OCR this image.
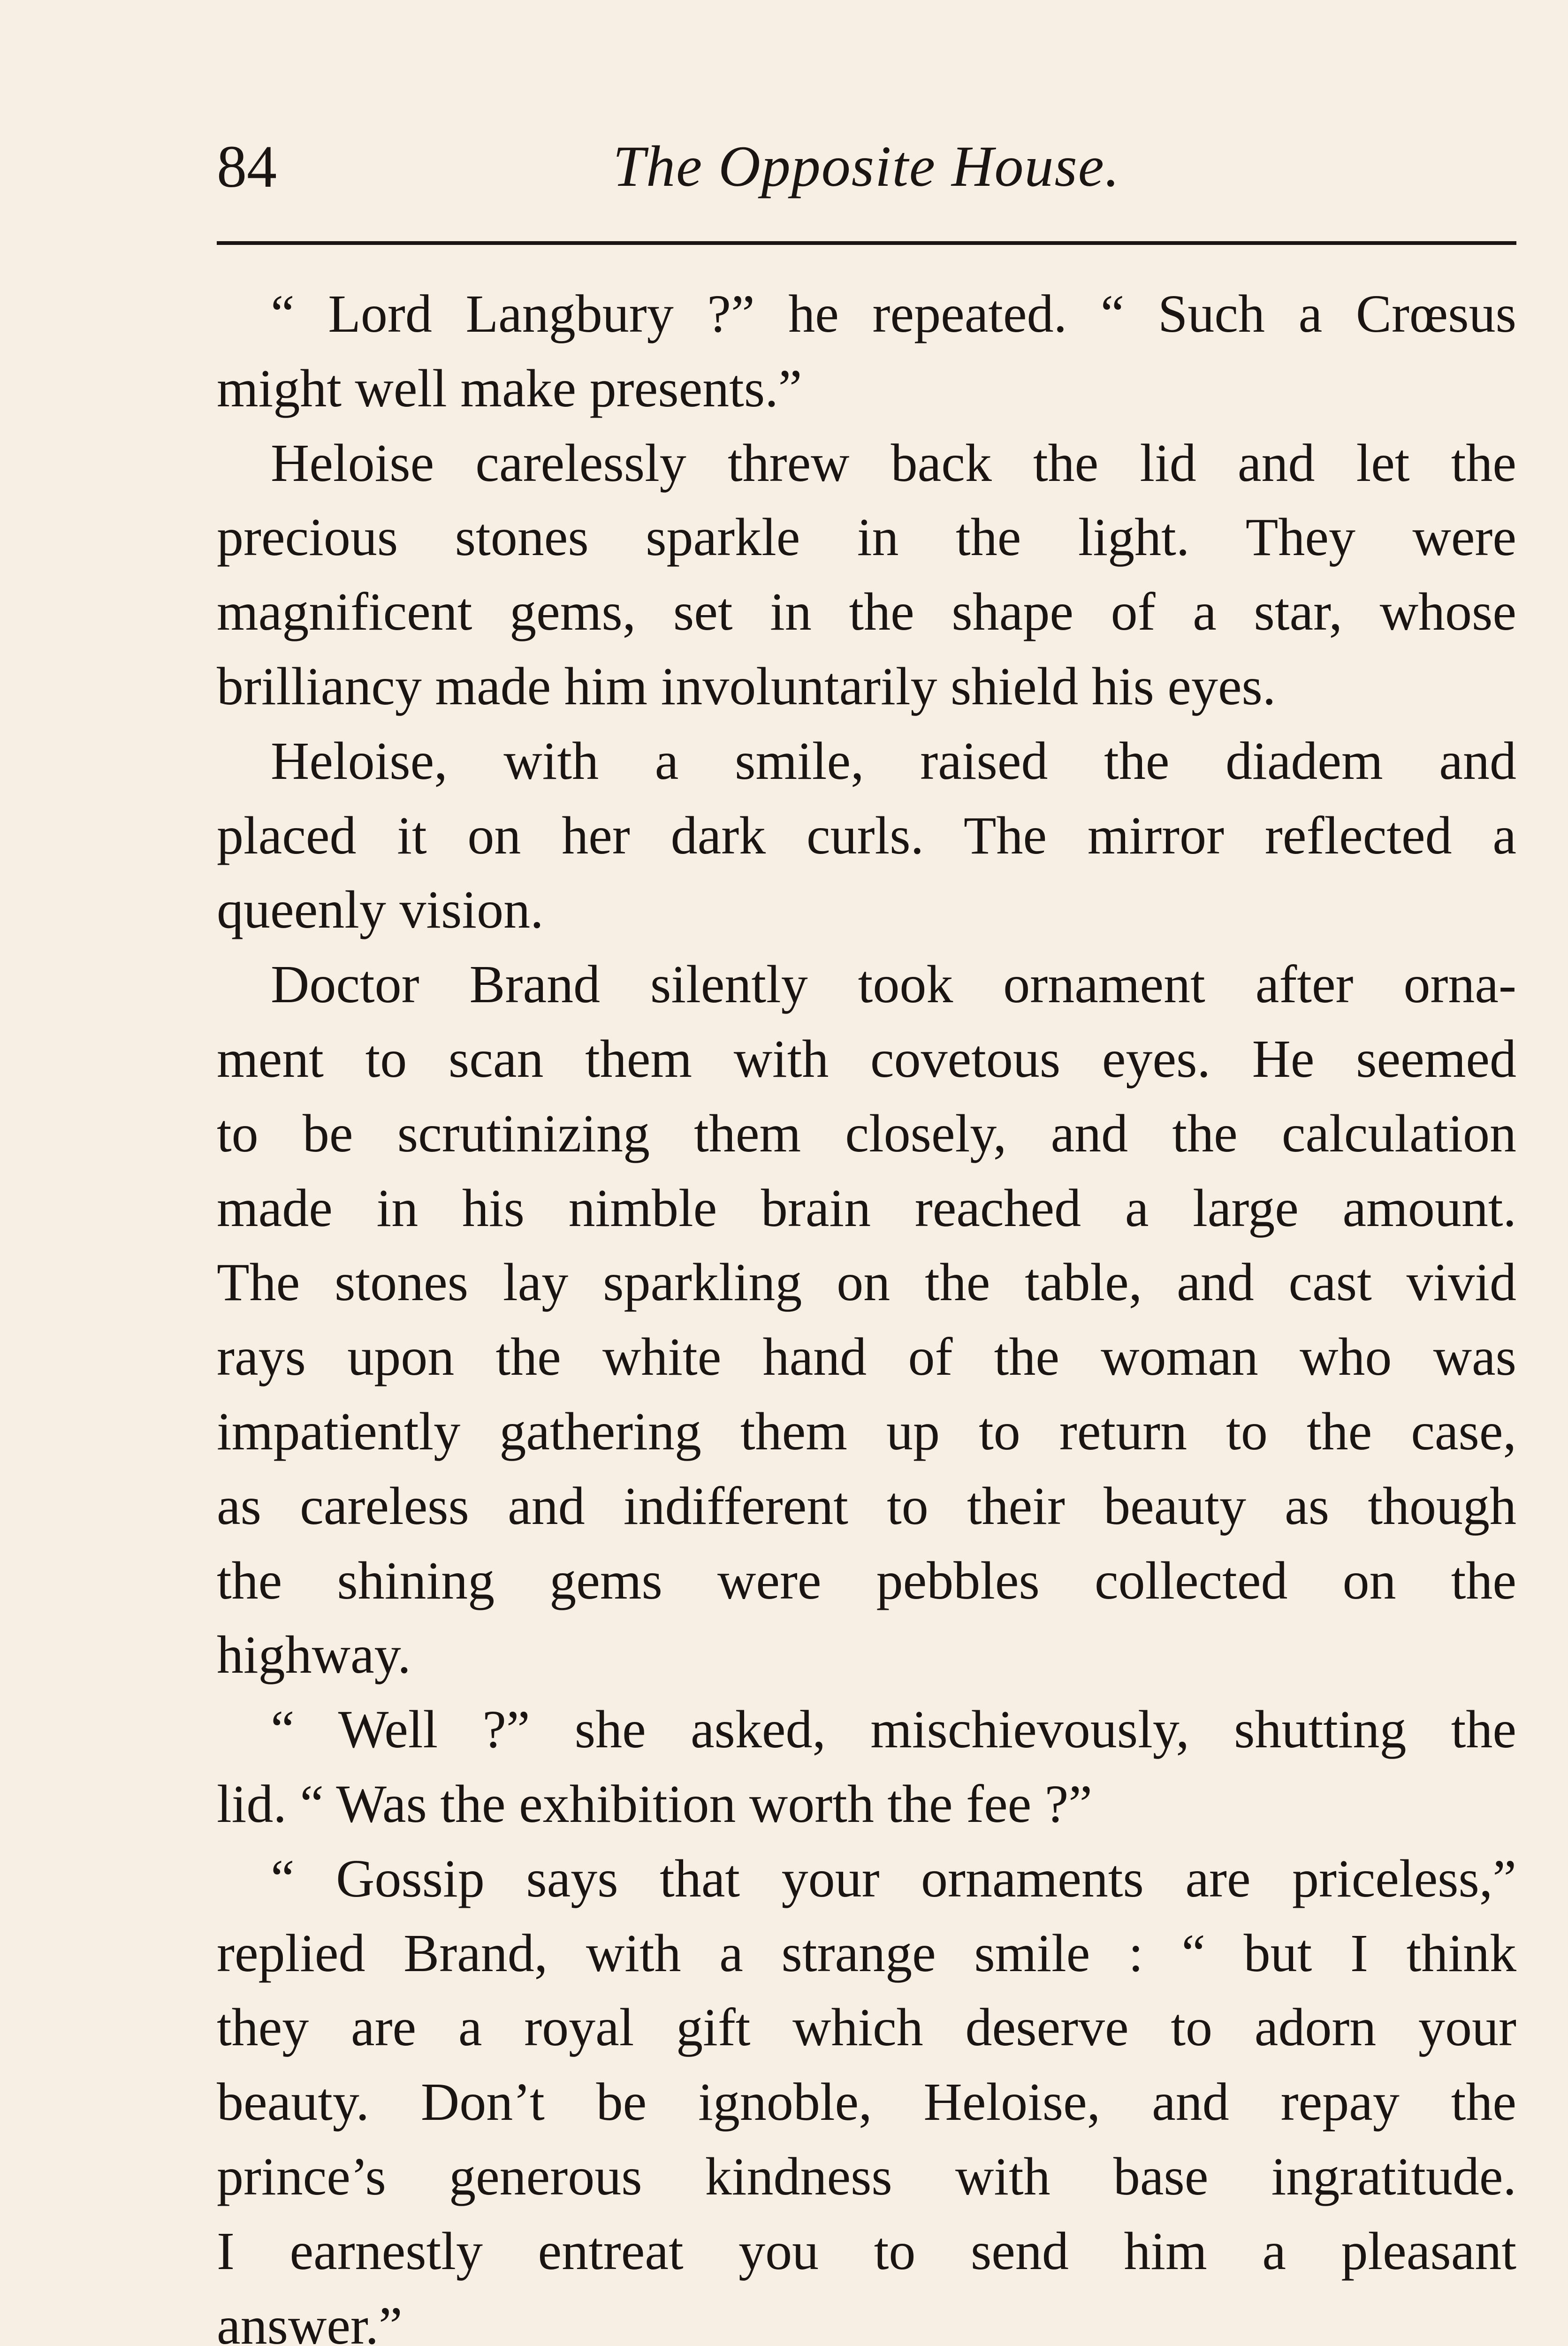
84	The Opposite House.
“ Lord Langbury ?” he repeated. “ Such a Crœsus
might well make presents.”
Heloise carelessly threw back the lid and let the
precious stones sparkle in the light. They were
magnificent gems, set in the shape of a star, whose
brilliancy made him involuntarily shield his eyes.
Heloise, with a smile, raised the diadem and
placed it on her dark curls. The mirror reflected a
queenly vision.
Doctor Brand silently took ornament after orna-
ment to scan them with covetous eyes. He seemed
to be scrutinizing them closely, and the calculation
made in his nimble brain reached a large amount.
The stones lay sparkling on the table, and cast vivid
rays upon the white hand of the woman who was
impatiently gathering them up to return to the case,
as careless and indifferent to their beauty as though
the shining gems were pebbles collected on the
highway.
“ Well ?” she asked, mischievously, shutting the
lid. “ Was the exhibition worth the fee ?”
“ Gossip says that your ornaments are priceless,”
replied Brand, with a strange smile : “ but I think
they are a royal gift which deserve to adorn your
beauty. Don’t be ignoble, Heloise, and repay the
prince’s generous kindness with base ingratitude.
I earnestly entreat you to send him a pleasant
answer.”
